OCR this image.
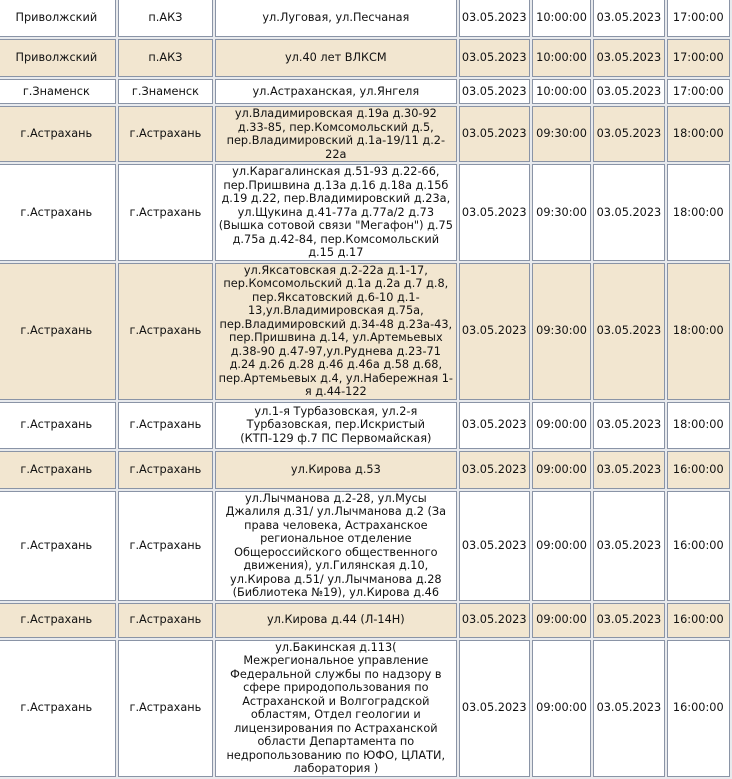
Приволжский	п.АКЗ	ул.Луговая, ул.Песчаная	03.05.2023	10:00:00	03.05.2023	17:00:00
Приволжский	п.АКЗ	ул.40 лет ВЛКСМ	03.05.2023	10:00:00	03.05.2023	17:00:00
г.Знаменск	г.Знаменск	ул.Астраханская, ул.Янгеля	03.05.2023	10:00:00	03.05.2023	17:00:00
г.Астрахань	г.Астрахань	ул.Владимировская д.19а д.30-92 д.33-85, пер.Комсомольский д.5, пер.Владимировский д.1а-19/11 д.2-22а	03.05.2023	09:30:00	03.05.2023	18:00:00
г.Астрахань	г.Астрахань	ул.Карагалинская д.51-93 д.22-66, пер.Пришвина д.13а д.16 д.18а д.15б д.19 д.22, пер.Владимировский д.23а, ул.Щукина д.41-77а д.77а/2 д.73 (Вышка сотовой связи "Мегафон") д.75 д.75а д.42-84, пер.Комсомольский д.15 д.17	03.05.2023	09:30:00	03.05.2023	18:00:00
г.Астрахань	г.Астрахань	ул.Яксатовская д.2-22а д.1-17, пер.Комсомольский д.1а д.2а д.7 д.8, пер.Яксатовский д.6-10 д.1-13,ул.Владимировская д.75а, пер.Владимировский д.34-48 д.23а-43, пер.Пришвина д.14, ул.Артемьевых д.38-90 д.47-97,ул.Руднева д.23-71 д.24 д.26 д.28 д.46 д.46а д.58 д.68, пер.Артемьевых д.4, ул.Набережная 1-я д.44-122	03.05.2023	09:30:00	03.05.2023	18:00:00
г.Астрахань	г.Астрахань	ул.1-я Турбазовская, ул.2-я Турбазовская, пер.Искристый (КТП-129 ф.7 ПС Первомайская)	03.05.2023	09:00:00	03.05.2023	18:00:00
г.Астрахань	г.Астрахань	ул.Кирова д.53	03.05.2023	09:00:00	03.05.2023	16:00:00
г.Астрахань	г.Астрахань	ул.Лычманова д.2-28, ул.Мусы Джалиля д.31/ ул.Лычманова д.2 (За права человека, Астраханское региональное отделение Общероссийского общественного движения), ул.Гилянская д.10, ул.Кирова д.51/ ул.Лычманова д.28 (Библиотека №19), ул.Кирова д.46	03.05.2023	09:00:00	03.05.2023	16:00:00
г.Астрахань	г.Астрахань	ул.Кирова д.44 (Л-14Н)	03.05.2023	09:00:00	03.05.2023	16:00:00
г.Астрахань	г.Астрахань	ул.Бакинская д.113( Межрегиональное управление Федеральной службы по надзору в сфере природопользования по Астраханской и Волгоградской областям, Отдел геологии и лицензирования по Астраханской области Департамента по недропользованию по ЮФО, ЦЛАТИ, лаборатория )	03.05.2023	09:00:00	03.05.2023	16:00:00
